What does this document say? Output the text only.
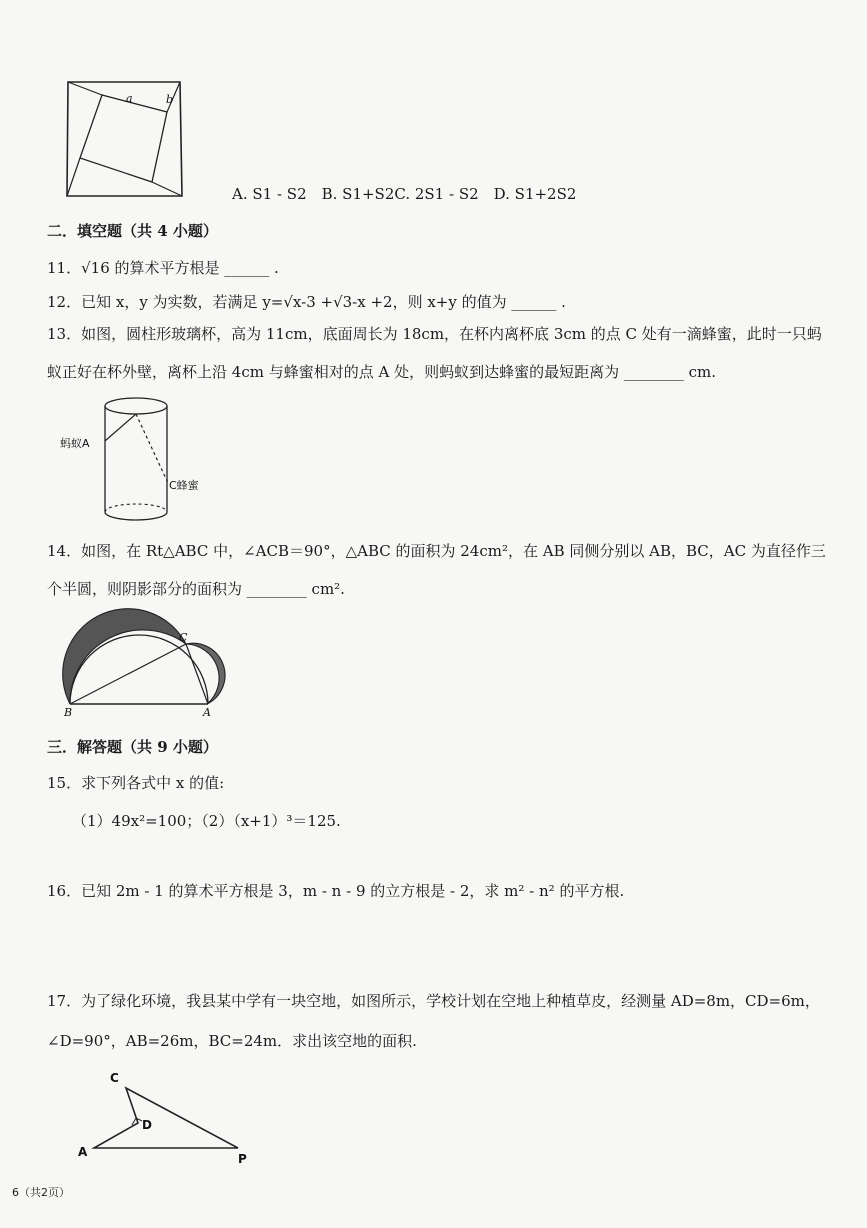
a	b
A. S1 - S2　B. S1+S2C. 2S1 - S2　D. S1+2S2
二．填空题（共 4 小题）
11．√16 的算术平方根是 ______ .
12．已知 x，y 为实数，若满足 y=√x-3 +√3-x +2，则 x+y 的值为 ______ .
13．如图，圆柱形玻璃杯，高为 11cm，底面周长为 18cm，在杯内离杯底 3cm 的点 C 处有一滴蜂蜜，此时一只蚂
蚁正好在杯外壁，离杯上沿 4cm 与蜂蜜相对的点 A 处，则蚂蚁到达蜂蜜的最短距离为 ________ cm.
蚂蚁A
C蜂蜜
14．如图，在 Rt△ABC 中，∠ACB＝90°，△ABC 的面积为 24cm²，在 AB 同侧分别以 AB，BC，AC 为直径作三
个半圆，则阴影部分的面积为 ________ cm².
B	A
C
三．解答题（共 9 小题）
15．求下列各式中 x 的值:
（1）49x²=100；（2）（x+1）³＝125.
16．已知 2m - 1 的算术平方根是 3，m - n - 9 的立方根是 - 2，求 m² - n² 的平方根.
17．为了绿化环境，我县某中学有一块空地，如图所示，学校计划在空地上种植草皮，经测量 AD=8m，CD=6m，
∠D=90°，AB=26m，BC=24m．求出该空地的面积.
C
D
A	P
6（共2页）
